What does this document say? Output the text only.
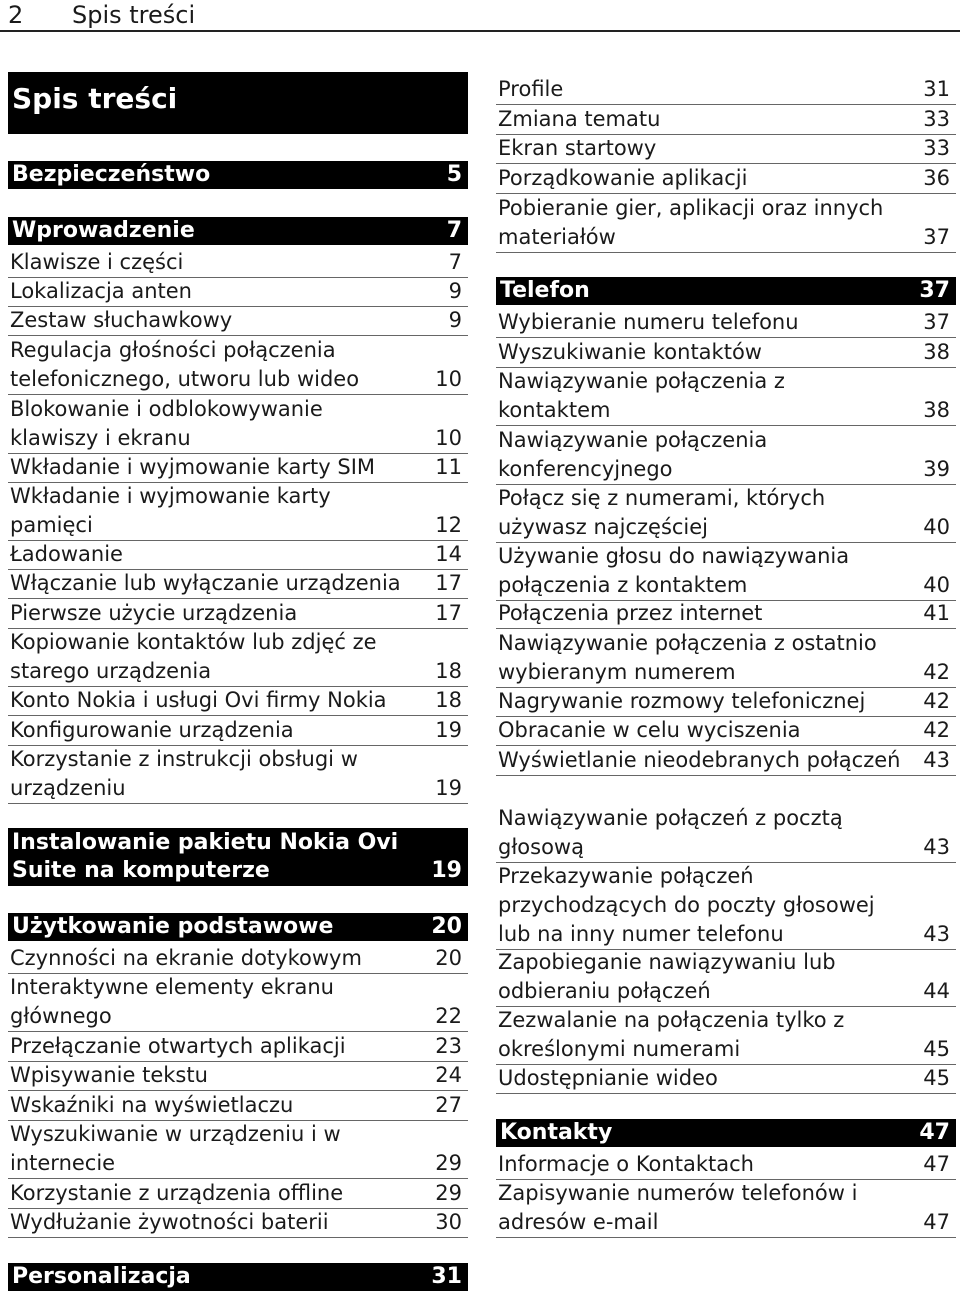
2 Spis treści
Spis treści
Bezpieczeństwo	5
Wprowadzenie	7
Klawisze i części	7
Lokalizacja anten	9
Zestaw słuchawkowy	9
Regulacja głośności połączenia telefonicznego, utworu lub wideo	10
Blokowanie i odblokowywanie klawiszy i ekranu	10
Wkładanie i wyjmowanie karty SIM	11
Wkładanie i wyjmowanie karty pamięci	12
Ładowanie	14
Włączanie lub wyłączanie urządzenia	17
Pierwsze użycie urządzenia	17
Kopiowanie kontaktów lub zdjęć ze starego urządzenia	18
Konto Nokia i usługi Ovi firmy Nokia	18
Konfigurowanie urządzenia	19
Korzystanie z instrukcji obsługi w urządzeniu	19
Instalowanie pakietu Nokia Ovi Suite na komputerze	19
Użytkowanie podstawowe	20
Czynności na ekranie dotykowym	20
Interaktywne elementy ekranu głównego	22
Przełączanie otwartych aplikacji	23
Wpisywanie tekstu	24
Wskaźniki na wyświetlaczu	27
Wyszukiwanie w urządzeniu i w internecie	29
Korzystanie z urządzenia offline	29
Wydłużanie żywotności baterii	30
Personalizacja	31
Profile	31
Zmiana tematu	33
Ekran startowy	33
Porządkowanie aplikacji	36
Pobieranie gier, aplikacji oraz innych materiałów	37
Telefon	37
Wybieranie numeru telefonu	37
Wyszukiwanie kontaktów	38
Nawiązywanie połączenia z kontaktem	38
Nawiązywanie połączenia konferencyjnego	39
Połącz się z numerami, których używasz najczęściej	40
Używanie głosu do nawiązywania połączenia z kontaktem	40
Połączenia przez internet	41
Nawiązywanie połączenia z ostatnio wybieranym numerem	42
Nagrywanie rozmowy telefonicznej	42
Obracanie w celu wyciszenia	42
Wyświetlanie nieodebranych połączeń	43
Nawiązywanie połączeń z pocztą głosową	43
Przekazywanie połączeń przychodzących do poczty głosowej lub na inny numer telefonu	43
Zapobieganie nawiązywaniu lub odbieraniu połączeń	44
Zezwalanie na połączenia tylko z określonymi numerami	45
Udostępnianie wideo	45
Kontakty	47
Informacje o Kontaktach	47
Zapisywanie numerów telefonów i adresów e-mail	47
